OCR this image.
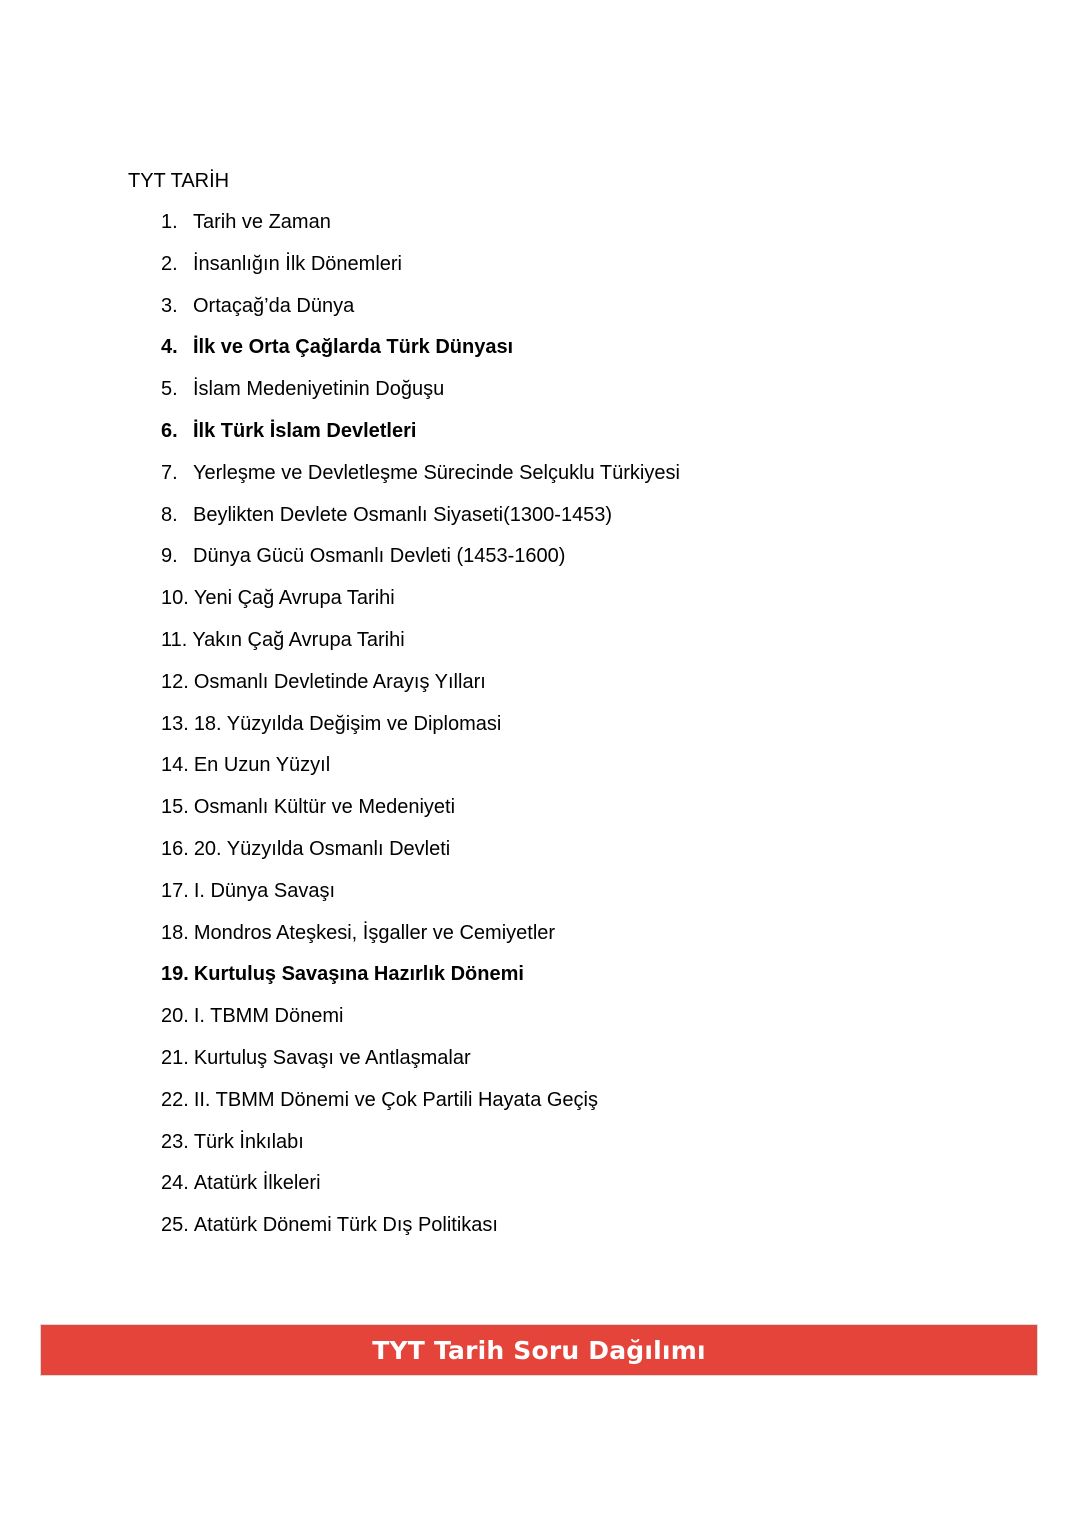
TYT TARİH
1. Tarih ve Zaman
2. İnsanlığın İlk Dönemleri
3. Ortaçağ’da Dünya
4. İlk ve Orta Çağlarda Türk Dünyası
5. İslam Medeniyetinin Doğuşu
6. İlk Türk İslam Devletleri
7. Yerleşme ve Devletleşme Sürecinde Selçuklu Türkiyesi
8. Beylikten Devlete Osmanlı Siyaseti(1300-1453)
9. Dünya Gücü Osmanlı Devleti (1453-1600)
10. Yeni Çağ Avrupa Tarihi
11. Yakın Çağ Avrupa Tarihi
12. Osmanlı Devletinde Arayış Yılları
13. 18. Yüzyılda Değişim ve Diplomasi
14. En Uzun Yüzyıl
15. Osmanlı Kültür ve Medeniyeti
16. 20. Yüzyılda Osmanlı Devleti
17. I. Dünya Savaşı
18. Mondros Ateşkesi, İşgaller ve Cemiyetler
19. Kurtuluş Savaşına Hazırlık Dönemi
20. I. TBMM Dönemi
21. Kurtuluş Savaşı ve Antlaşmalar
22. II. TBMM Dönemi ve Çok Partili Hayata Geçiş
23. Türk İnkılabı
24. Atatürk İlkeleri
25. Atatürk Dönemi Türk Dış Politikası
TYT Tarih Soru Dağılımı
